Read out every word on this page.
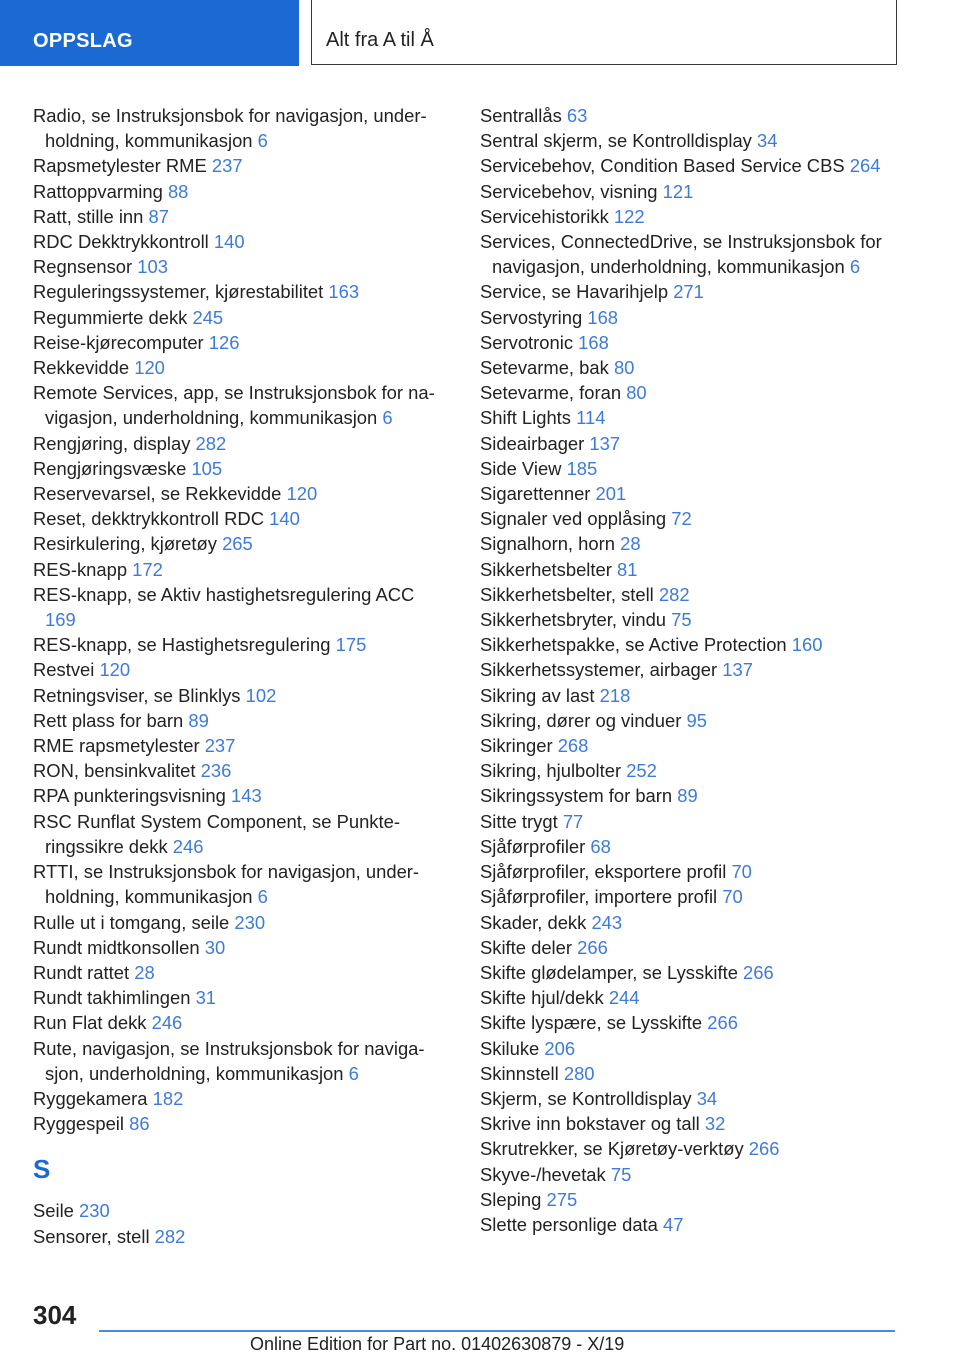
OPPSLAG	Alt fra A til Å
Radio, se Instruksjonsbok for navigasjon, under-holdning, kommunikasjon 6
Rapsmetylester RME 237
Rattoppvarming 88
Ratt, stille inn 87
RDC Dekktrykkontroll 140
Regnsensor 103
Reguleringssystemer, kjørestabilitet 163
Regummierte dekk 245
Reise-kjørecomputer 126
Rekkevidde 120
Remote Services, app, se Instruksjonsbok for na-vigasjon, underholdning, kommunikasjon 6
Rengjøring, display 282
Rengjøringsvæske 105
Reservevarsel, se Rekkevidde 120
Reset, dekktrykkontroll RDC 140
Resirkulering, kjøretøy 265
RES-knapp 172
RES-knapp, se Aktiv hastighetsregulering ACC 169
RES-knapp, se Hastighetsregulering 175
Restvei 120
Retningsviser, se Blinklys 102
Rett plass for barn 89
RME rapsmetylester 237
RON, bensinkvalitet 236
RPA punkteringsvisning 143
RSC Runflat System Component, se Punkte-ringssikre dekk 246
RTTI, se Instruksjonsbok for navigasjon, under-holdning, kommunikasjon 6
Rulle ut i tomgang, seile 230
Rundt midtkonsollen 30
Rundt rattet 28
Rundt takhimlingen 31
Run Flat dekk 246
Rute, navigasjon, se Instruksjonsbok for naviga-sjon, underholdning, kommunikasjon 6
Ryggekamera 182
Ryggespeil 86
S
Seile 230
Sensorer, stell 282
Sentrallås 63
Sentral skjerm, se Kontrolldisplay 34
Servicebehov, Condition Based Service CBS 264
Servicebehov, visning 121
Servicehistorikk 122
Services, ConnectedDrive, se Instruksjonsbok for navigasjon, underholdning, kommunikasjon 6
Service, se Havarihjelp 271
Servostyring 168
Servotronic 168
Setevarme, bak 80
Setevarme, foran 80
Shift Lights 114
Sideairbager 137
Side View 185
Sigarettenner 201
Signaler ved opplåsing 72
Signalhorn, horn 28
Sikkerhetsbelter 81
Sikkerhetsbelter, stell 282
Sikkerhetsbryter, vindu 75
Sikkerhetspakke, se Active Protection 160
Sikkerhetssystemer, airbager 137
Sikring av last 218
Sikring, dører og vinduer 95
Sikringer 268
Sikring, hjulbolter 252
Sikringssystem for barn 89
Sitte trygt 77
Sjåførprofiler 68
Sjåførprofiler, eksportere profil 70
Sjåførprofiler, importere profil 70
Skader, dekk 243
Skifte deler 266
Skifte glødelamper, se Lysskifte 266
Skifte hjul/dekk 244
Skifte lyspære, se Lysskifte 266
Skiluke 206
Skinnstell 280
Skjerm, se Kontrolldisplay 34
Skrive inn bokstaver og tall 32
Skrutrekker, se Kjøretøy-verktøy 266
Skyve-/hevetak 75
Sleping 275
Slette personlige data 47
304
Online Edition for Part no. 01402630879 - X/19
